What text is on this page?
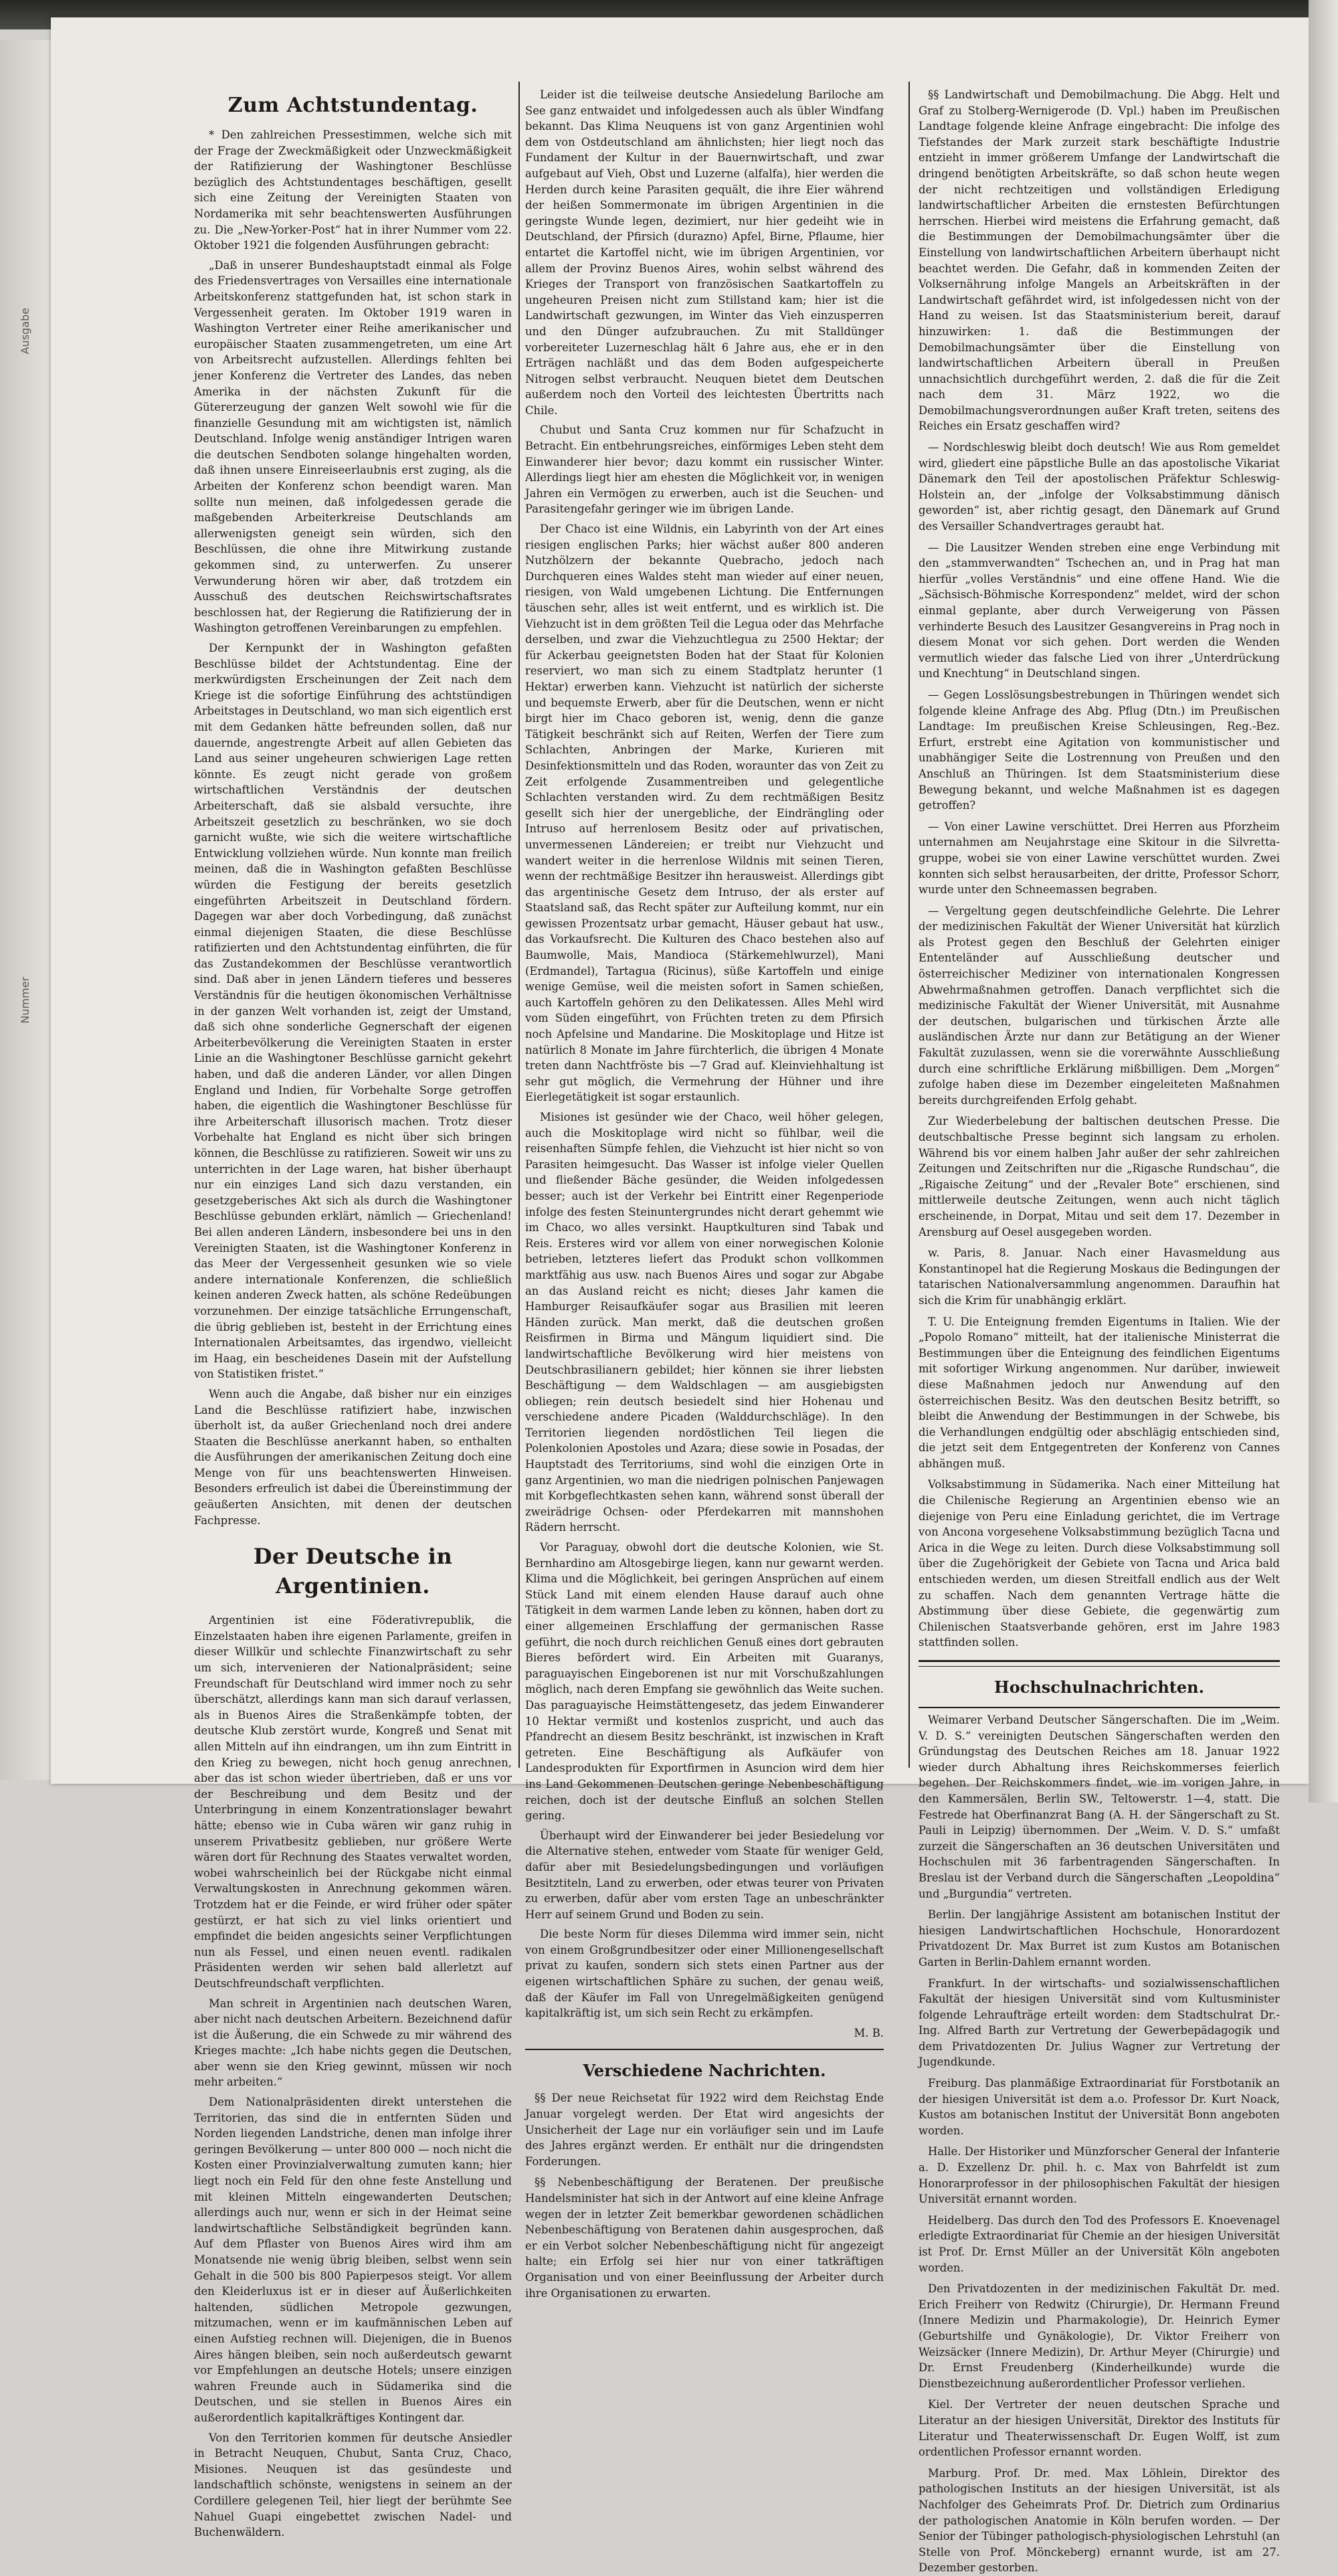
Ausgabe
Nummer
Zum Achtstundentag.

* Den zahlreichen Pressestimmen, welche sich mit der Frage der Zweckmäßigkeit oder Unzweckmäßigkeit der Ratifizierung der Washingtoner Beschlüsse bezüglich des Achtstundentages beschäftigen, gesellt sich eine Zeitung der Vereinigten Staaten von Nordamerika mit sehr beachtenswerten Ausführungen zu. Die „New-Yorker-Post“ hat in ihrer Nummer vom 22. Oktober 1921 die folgenden Ausführungen gebracht:

„Daß in unserer Bundeshauptstadt einmal als Folge des Friedensvertrages von Versailles eine internationale Arbeitskonferenz stattgefunden hat, ist schon stark in Vergessenheit geraten. Im Oktober 1919 waren in Washington Vertreter einer Reihe amerikanischer und europäischer Staaten zusammengetreten, um eine Art von Arbeitsrecht aufzustellen. Allerdings fehlten bei jener Konferenz die Vertreter des Landes, das neben Amerika in der nächsten Zukunft für die Gütererzeugung der ganzen Welt sowohl wie für die finanzielle Gesundung mit am wichtigsten ist, nämlich Deutschland. Infolge wenig anständiger Intrigen waren die deutschen Sendboten solange hingehalten worden, daß ihnen unsere Einreiseerlaubnis erst zuging, als die Arbeiten der Konferenz schon beendigt waren. Man sollte nun meinen, daß infolgedessen gerade die maßgebenden Arbeiterkreise Deutschlands am allerwenigsten geneigt sein würden, sich den Beschlüssen, die ohne ihre Mitwirkung zustande gekommen sind, zu unterwerfen. Zu unserer Verwunderung hören wir aber, daß trotzdem ein Ausschuß des deutschen Reichswirtschaftsrates beschlossen hat, der Regierung die Ratifizierung der in Washington getroffenen Vereinbarungen zu empfehlen.

Der Kernpunkt der in Washington gefaßten Beschlüsse bildet der Achtstundentag. Eine der merkwürdigsten Erscheinungen der Zeit nach dem Kriege ist die sofortige Einführung des achtstündigen Arbeitstages in Deutschland, wo man sich eigentlich erst mit dem Gedanken hätte befreunden sollen, daß nur dauernde, angestrengte Arbeit auf allen Gebieten das Land aus seiner ungeheuren schwierigen Lage retten könnte. Es zeugt nicht gerade von großem wirtschaftlichen Verständnis der deutschen Arbeiterschaft, daß sie alsbald versuchte, ihre Arbeitszeit gesetzlich zu beschränken, wo sie doch garnicht wußte, wie sich die weitere wirtschaftliche Entwicklung vollziehen würde. Nun konnte man freilich meinen, daß die in Washington gefaßten Beschlüsse würden die Festigung der bereits gesetzlich eingeführten Arbeitszeit in Deutschland fördern. Dagegen war aber doch Vorbedingung, daß zunächst einmal diejenigen Staaten, die diese Beschlüsse ratifizierten und den Achtstundentag einführten, die für das Zustandekommen der Beschlüsse verantwortlich sind. Daß aber in jenen Ländern tieferes und besseres Verständnis für die heutigen ökonomischen Verhältnisse in der ganzen Welt vorhanden ist, zeigt der Umstand, daß sich ohne sonderliche Gegnerschaft der eigenen Arbeiterbevölkerung die Vereinigten Staaten in erster Linie an die Washingtoner Beschlüsse garnicht gekehrt haben, und daß die anderen Länder, vor allen Dingen England und Indien, für Vorbehalte Sorge getroffen haben, die eigentlich die Washingtoner Beschlüsse für ihre Arbeiterschaft illusorisch machen. Trotz dieser Vorbehalte hat England es nicht über sich bringen können, die Beschlüsse zu ratifizieren. Soweit wir uns zu unterrichten in der Lage waren, hat bisher überhaupt nur ein einziges Land sich dazu verstanden, ein gesetzgeberisches Akt sich als durch die Washingtoner Beschlüsse gebunden erklärt, nämlich — Griechenland! Bei allen anderen Ländern, insbesondere bei uns in den Vereinigten Staaten, ist die Washingtoner Konferenz in das Meer der Vergessenheit gesunken wie so viele andere internationale Konferenzen, die schließlich keinen anderen Zweck hatten, als schöne Redeübungen vorzunehmen. Der einzige tatsächliche Errungenschaft, die übrig geblieben ist, besteht in der Errichtung eines Internationalen Arbeitsamtes, das irgendwo, vielleicht im Haag, ein bescheidenes Dasein mit der Aufstellung von Statistiken fristet.“

Wenn auch die Angabe, daß bisher nur ein einziges Land die Beschlüsse ratifiziert habe, inzwischen überholt ist, da außer Griechenland noch drei andere Staaten die Beschlüsse anerkannt haben, so enthalten die Ausführungen der amerikanischen Zeitung doch eine Menge von für uns beachtenswerten Hinweisen. Besonders erfreulich ist dabei die Übereinstimmung der geäußerten Ansichten, mit denen der deutschen Fachpresse.

Der Deutsche in Argentinien.

Argentinien ist eine Föderativrepublik, die Einzelstaaten haben ihre eigenen Parlamente, greifen in dieser Willkür und schlechte Finanzwirtschaft zu sehr um sich, intervenieren der Nationalpräsident; seine Freundschaft für Deutschland wird immer noch zu sehr überschätzt, allerdings kann man sich darauf verlassen, als in Buenos Aires die Straßenkämpfe tobten, der deutsche Klub zerstört wurde, Kongreß und Senat mit allen Mitteln auf ihn eindrangen, um ihn zum Eintritt in den Krieg zu bewegen, nicht hoch genug anrechnen, aber das ist schon wieder übertrieben, daß er uns vor der Beschreibung und dem Besitz und der Unterbringung in einem Konzentrationslager bewahrt hätte; ebenso wie in Cuba wären wir ganz ruhig in unserem Privatbesitz geblieben, nur größere Werte wären dort für Rechnung des Staates verwaltet worden, wobei wahrscheinlich bei der Rückgabe nicht einmal Verwaltungskosten in Anrechnung gekommen wären. Trotzdem hat er die Feinde, er wird früher oder später gestürzt, er hat sich zu viel links orientiert und empfindet die beiden angesichts seiner Verpflichtungen nun als Fessel, und einen neuen eventl. radikalen Präsidenten werden wir sehen bald allerletzt auf Deutschfreundschaft verpflichten.

Man schreit in Argentinien nach deutschen Waren, aber nicht nach deutschen Arbeitern. Bezeichnend dafür ist die Äußerung, die ein Schwede zu mir während des Krieges machte: „Ich habe nichts gegen die Deutschen, aber wenn sie den Krieg gewinnt, müssen wir noch mehr arbeiten.“

Dem Nationalpräsidenten direkt unterstehen die Territorien, das sind die in entfernten Süden und Norden liegenden Landstriche, denen man infolge ihrer geringen Bevölkerung — unter 800 000 — noch nicht die Kosten einer Provinzialverwaltung zumuten kann; hier liegt noch ein Feld für den ohne feste Anstellung und mit kleinen Mitteln eingewanderten Deutschen; allerdings auch nur, wenn er sich in der Heimat seine landwirtschaftliche Selbständigkeit begründen kann. Auf dem Pflaster von Buenos Aires wird ihm am Monatsende nie wenig übrig bleiben, selbst wenn sein Gehalt in die 500 bis 800 Papierpesos steigt. Vor allem den Kleiderluxus ist er in dieser auf Äußerlichkeiten haltenden, südlichen Metropole gezwungen, mitzumachen, wenn er im kaufmännischen Leben auf einen Aufstieg rechnen will. Diejenigen, die in Buenos Aires hängen bleiben, sein noch außerdeutsch gewarnt vor Empfehlungen an deutsche Hotels; unsere einzigen wahren Freunde auch in Südamerika sind die Deutschen, und sie stellen in Buenos Aires ein außerordentlich kapitalkräftiges Kontingent dar.

Von den Territorien kommen für deutsche Ansiedler in Betracht Neuquen, Chubut, Santa Cruz, Chaco, Misiones. Neuquen ist das gesündeste und landschaftlich schönste, wenigstens in seinem an der Cordillere gelegenen Teil, hier liegt der berühmte See Nahuel Guapi eingebettet zwischen Nadel- und Buchenwäldern.

Leider ist die teilweise deutsche Ansiedelung Bariloche am See ganz entwaidet und infolgedessen auch als übler Windfang bekannt. Das Klima Neuquens ist von ganz Argentinien wohl dem von Ostdeutschland am ähnlichsten; hier liegt noch das Fundament der Kultur in der Bauernwirtschaft, und zwar aufgebaut auf Vieh, Obst und Luzerne (alfalfa), hier werden die Herden durch keine Parasiten gequält, die ihre Eier während der heißen Sommermonate im übrigen Argentinien in die geringste Wunde legen, dezimiert, nur hier gedeiht wie in Deutschland, der Pfirsich (durazno) Apfel, Birne, Pflaume, hier entartet die Kartoffel nicht, wie im übrigen Argentinien, vor allem der Provinz Buenos Aires, wohin selbst während des Krieges der Transport von französischen Saatkartoffeln zu ungeheuren Preisen nicht zum Stillstand kam; hier ist die Landwirtschaft gezwungen, im Winter das Vieh einzusperren und den Dünger aufzubrauchen. Zu mit Stalldünger vorbereiteter Luzerneschlag hält 6 Jahre aus, ehe er in den Erträgen nachläßt und das dem Boden aufgespeicherte Nitrogen selbst verbraucht. Neuquen bietet dem Deutschen außerdem noch den Vorteil des leichtesten Übertritts nach Chile.

Chubut und Santa Cruz kommen nur für Schafzucht in Betracht. Ein entbehrungsreiches, einförmiges Leben steht dem Einwanderer hier bevor; dazu kommt ein russischer Winter. Allerdings liegt hier am ehesten die Möglichkeit vor, in wenigen Jahren ein Vermögen zu erwerben, auch ist die Seuchen- und Parasitengefahr geringer wie im übrigen Lande.

Der Chaco ist eine Wildnis, ein Labyrinth von der Art eines riesigen englischen Parks; hier wächst außer 800 anderen Nutzhölzern der bekannte Quebracho, jedoch nach Durchqueren eines Waldes steht man wieder auf einer neuen, riesigen, von Wald umgebenen Lichtung. Die Entfernungen täuschen sehr, alles ist weit entfernt, und es wirklich ist. Die Viehzucht ist in dem größten Teil die Legua oder das Mehrfache derselben, und zwar die Viehzuchtlegua zu 2500 Hektar; der für Ackerbau geeignetsten Boden hat der Staat für Kolonien reserviert, wo man sich zu einem Stadtplatz herunter (1 Hektar) erwerben kann. Viehzucht ist natürlich der sicherste und bequemste Erwerb, aber für die Deutschen, wenn er nicht birgt hier im Chaco geboren ist, wenig, denn die ganze Tätigkeit beschränkt sich auf Reiten, Werfen der Tiere zum Schlachten, Anbringen der Marke, Kurieren mit Desinfektionsmitteln und das Roden, woraunter das von Zeit zu Zeit erfolgende Zusammentreiben und gelegentliche Schlachten verstanden wird. Zu dem rechtmäßigen Besitz gesellt sich hier der unergebliche, der Eindrängling oder Intruso auf herrenlosem Besitz oder auf privatischen, unvermessenen Ländereien; er treibt nur Viehzucht und wandert weiter in die herrenlose Wildnis mit seinen Tieren, wenn der rechtmäßige Besitzer ihn herausweist. Allerdings gibt das argentinische Gesetz dem Intruso, der als erster auf Staatsland saß, das Recht später zur Aufteilung kommt, nur ein gewissen Prozentsatz urbar gemacht, Häuser gebaut hat usw., das Vorkaufsrecht. Die Kulturen des Chaco bestehen also auf Baumwolle, Mais, Mandioca (Stärkemehlwurzel), Mani (Erdmandel), Tartagua (Ricinus), süße Kartoffeln und einige wenige Gemüse, weil die meisten sofort in Samen schießen, auch Kartoffeln gehören zu den Delikatessen. Alles Mehl wird vom Süden eingeführt, von Früchten treten zu dem Pfirsich noch Apfelsine und Mandarine. Die Moskitoplage und Hitze ist natürlich 8 Monate im Jahre fürchterlich, die übrigen 4 Monate treten dann Nachtfröste bis —7 Grad auf. Kleinviehhaltung ist sehr gut möglich, die Vermehrung der Hühner und ihre Eierlegetätigkeit ist sogar erstaunlich.

Misiones ist gesünder wie der Chaco, weil höher gelegen, auch die Moskitoplage wird nicht so fühlbar, weil die reisenhaften Sümpfe fehlen, die Viehzucht ist hier nicht so von Parasiten heimgesucht. Das Wasser ist infolge vieler Quellen und fließender Bäche gesünder, die Weiden infolgedessen besser; auch ist der Verkehr bei Eintritt einer Regenperiode infolge des festen Steinuntergrundes nicht derart gehemmt wie im Chaco, wo alles versinkt. Hauptkulturen sind Tabak und Reis. Ersteres wird vor allem von einer norwegischen Kolonie betrieben, letzteres liefert das Produkt schon vollkommen marktfähig aus usw. nach Buenos Aires und sogar zur Abgabe an das Ausland reicht es nicht; dieses Jahr kamen die Hamburger Reisaufkäufer sogar aus Brasilien mit leeren Händen zurück. Man merkt, daß die deutschen großen Reisfirmen in Birma und Mängum liquidiert sind. Die landwirtschaftliche Bevölkerung wird hier meistens von Deutschbrasilianern gebildet; hier können sie ihrer liebsten Beschäftigung — dem Waldschlagen — am ausgiebigsten obliegen; rein deutsch besiedelt sind hier Hohenau und verschiedene andere Picaden (Walddurchschläge). In den Territorien liegenden nordöstlichen Teil liegen die Polenkolonien Apostoles und Azara; diese sowie in Posadas, der Hauptstadt des Territoriums, sind wohl die einzigen Orte in ganz Argentinien, wo man die niedrigen polnischen Panjewagen mit Korbgeflechtkasten sehen kann, während sonst überall der zweirädrige Ochsen- oder Pferdekarren mit mannshohen Rädern herrscht.

Vor Paraguay, obwohl dort die deutsche Kolonien, wie St. Bernhardino am Altosgebirge liegen, kann nur gewarnt werden. Klima und die Möglichkeit, bei geringen Ansprüchen auf einem Stück Land mit einem elenden Hause darauf auch ohne Tätigkeit in dem warmen Lande leben zu können, haben dort zu einer allgemeinen Erschlaffung der germanischen Rasse geführt, die noch durch reichlichen Genuß eines dort gebrauten Bieres befördert wird. Ein Arbeiten mit Guaranys, paraguayischen Eingeborenen ist nur mit Vorschußzahlungen möglich, nach deren Empfang sie gewöhnlich das Weite suchen. Das paraguayische Heimstättengesetz, das jedem Einwanderer 10 Hektar vermißt und kostenlos zuspricht, und auch das Pfandrecht an diesem Besitz beschränkt, ist inzwischen in Kraft getreten. Eine Beschäftigung als Aufkäufer von Landesprodukten für Exportfirmen in Asuncion wird dem hier ins Land Gekommenen Deutschen geringe Nebenbeschäftigung reichen, doch ist der deutsche Einfluß an solchen Stellen gering.

Überhaupt wird der Einwanderer bei jeder Besiedelung vor die Alternative stehen, entweder vom Staate für weniger Geld, dafür aber mit Besiedelungsbedingungen und vorläufigen Besitztiteln, Land zu erwerben, oder etwas teurer von Privaten zu erwerben, dafür aber vom ersten Tage an unbeschränkter Herr auf seinem Grund und Boden zu sein.

Die beste Norm für dieses Dilemma wird immer sein, nicht von einem Großgrundbesitzer oder einer Millionengesellschaft privat zu kaufen, sondern sich stets einen Partner aus der eigenen wirtschaftlichen Sphäre zu suchen, der genau weiß, daß der Käufer im Fall von Unregelmäßigkeiten genügend kapitalkräftig ist, um sich sein Recht zu erkämpfen.

M. B.

Verschiedene Nachrichten.

§§ Der neue Reichsetat für 1922 wird dem Reichstag Ende Januar vorgelegt werden. Der Etat wird angesichts der Unsicherheit der Lage nur ein vorläufiger sein und im Laufe des Jahres ergänzt werden. Er enthält nur die dringendsten Forderungen.

§§ Nebenbeschäftigung der Beratenen. Der preußische Handelsminister hat sich in der Antwort auf eine kleine Anfrage wegen der in letzter Zeit bemerkbar gewordenen schädlichen Nebenbeschäftigung von Beratenen dahin ausgesprochen, daß er ein Verbot solcher Nebenbeschäftigung nicht für angezeigt halte; ein Erfolg sei hier nur von einer tatkräftigen Organisation und von einer Beeinflussung der Arbeiter durch ihre Organisationen zu erwarten.

§§ Landwirtschaft und Demobilmachung. Die Abgg. Helt und Graf zu Stolberg-Wernigerode (D. Vpl.) haben im Preußischen Landtage folgende kleine Anfrage eingebracht: Die infolge des Tiefstandes der Mark zurzeit stark beschäftigte Industrie entzieht in immer größerem Umfange der Landwirtschaft die dringend benötigten Arbeitskräfte, so daß schon heute wegen der nicht rechtzeitigen und vollständigen Erledigung landwirtschaftlicher Arbeiten die ernstesten Befürchtungen herrschen. Hierbei wird meistens die Erfahrung gemacht, daß die Bestimmungen der Demobilmachungsämter über die Einstellung von landwirtschaftlichen Arbeitern überhaupt nicht beachtet werden. Die Gefahr, daß in kommenden Zeiten der Volksernährung infolge Mangels an Arbeitskräften in der Landwirtschaft gefährdet wird, ist infolgedessen nicht von der Hand zu weisen. Ist das Staatsministerium bereit, darauf hinzuwirken: 1. daß die Bestimmungen der Demobilmachungsämter über die Einstellung von landwirtschaftlichen Arbeitern überall in Preußen unnachsichtlich durchgeführt werden, 2. daß die für die Zeit nach dem 31. März 1922, wo die Demobilmachungsverordnungen außer Kraft treten, seitens des Reiches ein Ersatz geschaffen wird?

— Nordschleswig bleibt doch deutsch! Wie aus Rom gemeldet wird, gliedert eine päpstliche Bulle an das apostolische Vikariat Dänemark den Teil der apostolischen Präfektur Schleswig-Holstein an, der „infolge der Volksabstimmung dänisch geworden“ ist, aber richtig gesagt, den Dänemark auf Grund des Versailler Schandvertrages geraubt hat.

— Die Lausitzer Wenden streben eine enge Verbindung mit den „stammverwandten“ Tschechen an, und in Prag hat man hierfür „volles Verständnis“ und eine offene Hand. Wie die „Sächsisch-Böhmische Korrespondenz“ meldet, wird der schon einmal geplante, aber durch Verweigerung von Pässen verhinderte Besuch des Lausitzer Gesangvereins in Prag noch in diesem Monat vor sich gehen. Dort werden die Wenden vermutlich wieder das falsche Lied von ihrer „Unterdrückung und Knechtung“ in Deutschland singen.

— Gegen Losslösungsbestrebungen in Thüringen wendet sich folgende kleine Anfrage des Abg. Pflug (Dtn.) im Preußischen Landtage: Im preußischen Kreise Schleusingen, Reg.-Bez. Erfurt, erstrebt eine Agitation von kommunistischer und unabhängiger Seite die Lostrennung von Preußen und den Anschluß an Thüringen. Ist dem Staatsministerium diese Bewegung bekannt, und welche Maßnahmen ist es dagegen getroffen?

— Von einer Lawine verschüttet. Drei Herren aus Pforzheim unternahmen am Neujahrstage eine Skitour in die Silvretta-gruppe, wobei sie von einer Lawine verschüttet wurden. Zwei konnten sich selbst herausarbeiten, der dritte, Professor Schorr, wurde unter den Schneemassen begraben.

— Vergeltung gegen deutschfeindliche Gelehrte. Die Lehrer der medizinischen Fakultät der Wiener Universität hat kürzlich als Protest gegen den Beschluß der Gelehrten einiger Ententeländer auf Ausschließung deutscher und österreichischer Mediziner von internationalen Kongressen Abwehrmaßnahmen getroffen. Danach verpflichtet sich die medizinische Fakultät der Wiener Universität, mit Ausnahme der deutschen, bulgarischen und türkischen Ärzte alle ausländischen Ärzte nur dann zur Betätigung an der Wiener Fakultät zuzulassen, wenn sie die vorerwähnte Ausschließung durch eine schriftliche Erklärung mißbilligen. Dem „Morgen“ zufolge haben diese im Dezember eingeleiteten Maßnahmen bereits durchgreifenden Erfolg gehabt.

Zur Wiederbelebung der baltischen deutschen Presse. Die deutschbaltische Presse beginnt sich langsam zu erholen. Während bis vor einem halben Jahr außer der sehr zahlreichen Zeitungen und Zeitschriften nur die „Rigasche Rundschau“, die „Rigaische Zeitung“ und der „Revaler Bote“ erschienen, sind mittlerweile deutsche Zeitungen, wenn auch nicht täglich erscheinende, in Dorpat, Mitau und seit dem 17. Dezember in Arensburg auf Oesel ausgegeben worden.

w. Paris, 8. Januar. Nach einer Havasmeldung aus Konstantinopel hat die Regierung Moskaus die Bedingungen der tatarischen Nationalversammlung angenommen. Daraufhin hat sich die Krim für unabhängig erklärt.

T. U. Die Enteignung fremden Eigentums in Italien. Wie der „Popolo Romano“ mitteilt, hat der italienische Ministerrat die Bestimmungen über die Enteignung des feindlichen Eigentums mit sofortiger Wirkung angenommen. Nur darüber, inwieweit diese Maßnahmen jedoch nur Anwendung auf den österreichischen Besitz. Was den deutschen Besitz betrifft, so bleibt die Anwendung der Bestimmungen in der Schwebe, bis die Verhandlungen endgültig oder abschlägig entschieden sind, die jetzt seit dem Entgegentreten der Konferenz von Cannes abhängen muß.

Volksabstimmung in Südamerika. Nach einer Mitteilung hat die Chilenische Regierung an Argentinien ebenso wie an diejenige von Peru eine Einladung gerichtet, die im Vertrage von Ancona vorgesehene Volksabstimmung bezüglich Tacna und Arica in die Wege zu leiten. Durch diese Volksabstimmung soll über die Zugehörigkeit der Gebiete von Tacna und Arica bald entschieden werden, um diesen Streitfall endlich aus der Welt zu schaffen. Nach dem genannten Vertrage hätte die Abstimmung über diese Gebiete, die gegenwärtig zum Chilenischen Staatsverbande gehören, erst im Jahre 1983 stattfinden sollen.

Hochschulnachrichten.

Weimarer Verband Deutscher Sängerschaften. Die im „Weim. V. D. S.“ vereinigten Deutschen Sängerschaften werden den Gründungstag des Deutschen Reiches am 18. Januar 1922 wieder durch Abhaltung ihres Reichskommerses feierlich begehen. Der Reichskommers findet, wie im vorigen Jahre, in den Kammersälen, Berlin SW., Teltowerstr. 1—4, statt. Die Festrede hat Oberfinanzrat Bang (A. H. der Sängerschaft zu St. Pauli in Leipzig) übernommen. Der „Weim. V. D. S.“ umfaßt zurzeit die Sängerschaften an 36 deutschen Universitäten und Hochschulen mit 36 farbentragenden Sängerschaften. In Breslau ist der Verband durch die Sängerschaften „Leopoldina“ und „Burgundia“ vertreten.

Berlin. Der langjährige Assistent am botanischen Institut der hiesigen Landwirtschaftlichen Hochschule, Honorardozent Privatdozent Dr. Max Burret ist zum Kustos am Botanischen Garten in Berlin-Dahlem ernannt worden.

Frankfurt. In der wirtschafts- und sozialwissenschaftlichen Fakultät der hiesigen Universität sind vom Kultusminister folgende Lehraufträge erteilt worden: dem Stadtschulrat Dr.-Ing. Alfred Barth zur Vertretung der Gewerbepädagogik und dem Privatdozenten Dr. Julius Wagner zur Vertretung der Jugendkunde.

Freiburg. Das planmäßige Extraordinariat für Forstbotanik an der hiesigen Universität ist dem a.o. Professor Dr. Kurt Noack, Kustos am botanischen Institut der Universität Bonn angeboten worden.

Halle. Der Historiker und Münzforscher General der Infanterie a. D. Exzellenz Dr. phil. h. c. Max von Bahrfeldt ist zum Honorarprofessor in der philosophischen Fakultät der hiesigen Universität ernannt worden.

Heidelberg. Das durch den Tod des Professors E. Knoevenagel erledigte Extraordinariat für Chemie an der hiesigen Universität ist Prof. Dr. Ernst Müller an der Universität Köln angeboten worden.

Den Privatdozenten in der medizinischen Fakultät Dr. med. Erich Freiherr von Redwitz (Chirurgie), Dr. Hermann Freund (Innere Medizin und Pharmakologie), Dr. Heinrich Eymer (Geburtshilfe und Gynäkologie), Dr. Viktor Freiherr von Weizsäcker (Innere Medizin), Dr. Arthur Meyer (Chirurgie) und Dr. Ernst Freudenberg (Kinderheilkunde) wurde die Dienstbezeichnung außerordentlicher Professor verliehen.

Kiel. Der Vertreter der neuen deutschen Sprache und Literatur an der hiesigen Universität, Direktor des Instituts für Literatur und Theaterwissenschaft Dr. Eugen Wolff, ist zum ordentlichen Professor ernannt worden.

Marburg. Prof. Dr. med. Max Löhlein, Direktor des pathologischen Instituts an der hiesigen Universität, ist als Nachfolger des Geheimrats Prof. Dr. Dietrich zum Ordinarius der pathologischen Anatomie in Köln berufen worden. — Der Senior der Tübinger pathologisch-physiologischen Lehrstuhl (an Stelle von Prof. Mönckeberg) ernannt wurde, ist am 27. Dezember gestorben.
